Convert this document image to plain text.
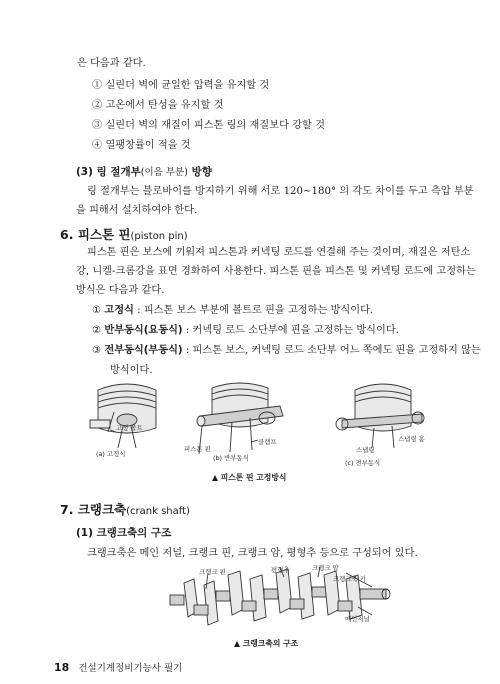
은 다음과 같다.
① 실린더 벽에 균일한 압력을 유지할 것
② 고온에서 탄성을 유지할 것
③ 실린더 벽의 재질이 피스톤 링의 재질보다 강할 것
④ 열팽창률이 적을 것
(3) 링 절개부(이음 부분) 방향
링 절개부는 블로바이를 방지하기 위해 서로 120~180° 의 각도 차이를 두고 측압 부분
을 피해서 설치하여야 한다.
6. 피스톤 핀(piston pin)
피스톤 핀은 보스에 끼워져 피스톤과 커넥팅 로드를 연결해 주는 것이며, 재질은 저탄소
강, 니켈-크롬강을 표면 경화하여 사용한다. 피스톤 핀을 피스톤 및 커넥팅 로드에 고정하는
방식은 다음과 같다.
① 고정식 : 피스톤 보스 부분에 볼트로 핀을 고정하는 방식이다.
② 반부동식(요동식) : 커넥팅 로드 소단부에 핀을 고정하는 방식이다.
③ 전부동식(부동식) : 피스톤 보스, 커넥팅 로드 소단부 어느 쪽에도 핀을 고정하지 않는
방식이다.
고정 볼트
(a) 고정식
피스톤 핀
클램프
(b) 반부동식
스냅링
스냅링 홈
(c) 전부동식
▲ 피스톤 핀 고정방식
7. 크랭크축(crank shaft)
(1) 크랭크축의 구조
크랭크축은 메인 저널, 크랭크 핀, 크랭크 암, 평형추 등으로 구성되어 있다.
크랭크 핀	평형추	크랭크 암
크랭크축 키
메인저널
▲ 크랭크축의 구조
18 건설기계정비기능사 필기
